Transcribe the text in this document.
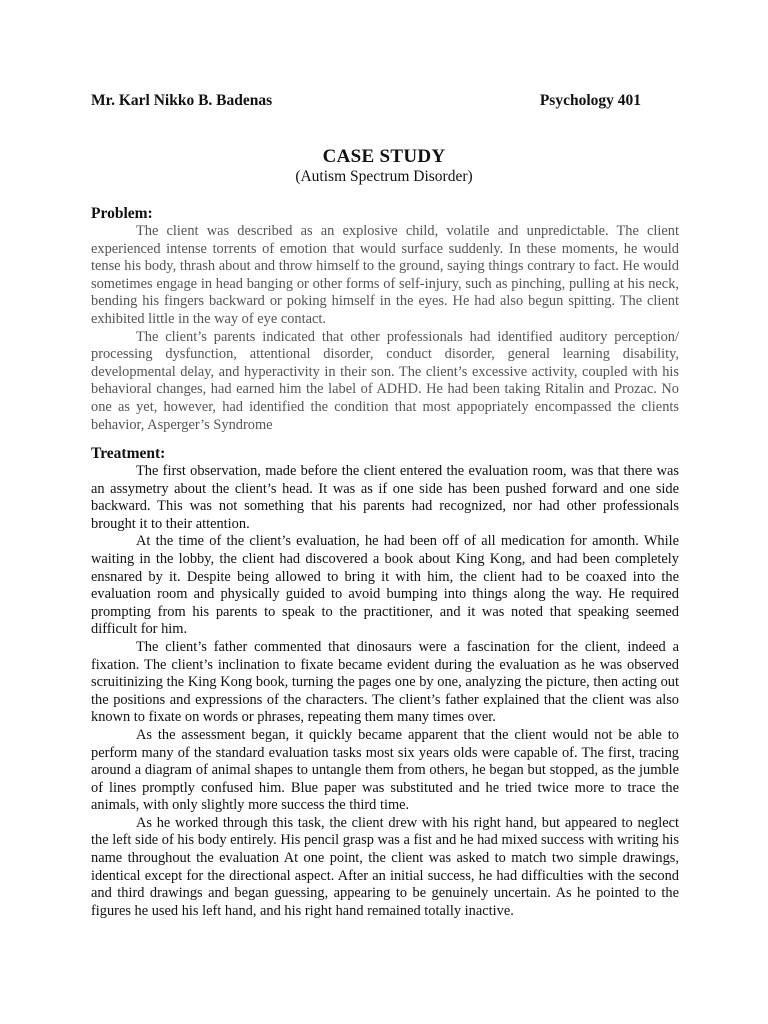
Mr. Karl Nikko B. Badenas	Psychology 401
CASE STUDY
(Autism Spectrum Disorder)
Problem:

The client was described as an explosive child, volatile and unpredictable. The client experienced intense torrents of emotion that would surface suddenly. In these moments, he would tense his body, thrash about and throw himself to the ground, saying things contrary to fact. He would sometimes engage in head banging or other forms of self-injury, such as pinching, pulling at his neck, bending his fingers backward or poking himself in the eyes. He had also begun spitting. The client exhibited little in the way of eye contact.

The client’s parents indicated that other professionals had identified auditory perception/ processing dysfunction, attentional disorder, conduct disorder, general learning disability, developmental delay, and hyperactivity in their son. The client’s excessive activity, coupled with his behavioral changes, had earned him the label of ADHD. He had been taking Ritalin and Prozac. No one as yet, however, had identified the condition that most appopriately encompassed the clients behavior, Asperger’s Syndrome

Treatment:

The first observation, made before the client entered the evaluation room, was that there was an assymetry about the client’s head. It was as if one side has been pushed forward and one side backward. This was not something that his parents had recognized, nor had other professionals brought it to their attention.

At the time of the client’s evaluation, he had been off of all medication for amonth. While waiting in the lobby, the client had discovered a book about King Kong, and had been completely ensnared by it. Despite being allowed to bring it with him, the client had to be coaxed into the evaluation room and physically guided to avoid bumping into things along the way. He required prompting from his parents to speak to the practitioner, and it was noted that speaking seemed difficult for him.

The client’s father commented that dinosaurs were a fascination for the client, indeed a fixation. The client’s inclination to fixate became evident during the evaluation as he was observed scruitinizing the King Kong book, turning the pages one by one, analyzing the picture, then acting out the positions and expressions of the characters. The client’s father explained that the client was also known to fixate on words or phrases, repeating them many times over.

As the assessment began, it quickly became apparent that the client would not be able to perform many of the standard evaluation tasks most six years olds were capable of. The first, tracing around a diagram of animal shapes to untangle them from others, he began but stopped, as the jumble of lines promptly confused him. Blue paper was substituted and he tried twice more to trace the animals, with only slightly more success the third time.

As he worked through this task, the client drew with his right hand, but appeared to neglect the left side of his body entirely. His pencil grasp was a fist and he had mixed success with writing his name throughout the evaluation At one point, the client was asked to match two simple drawings, identical except for the directional aspect. After an initial success, he had difficulties with the second and third drawings and began guessing, appearing to be genuinely uncertain. As he pointed to the figures he used his left hand, and his right hand remained totally inactive.
